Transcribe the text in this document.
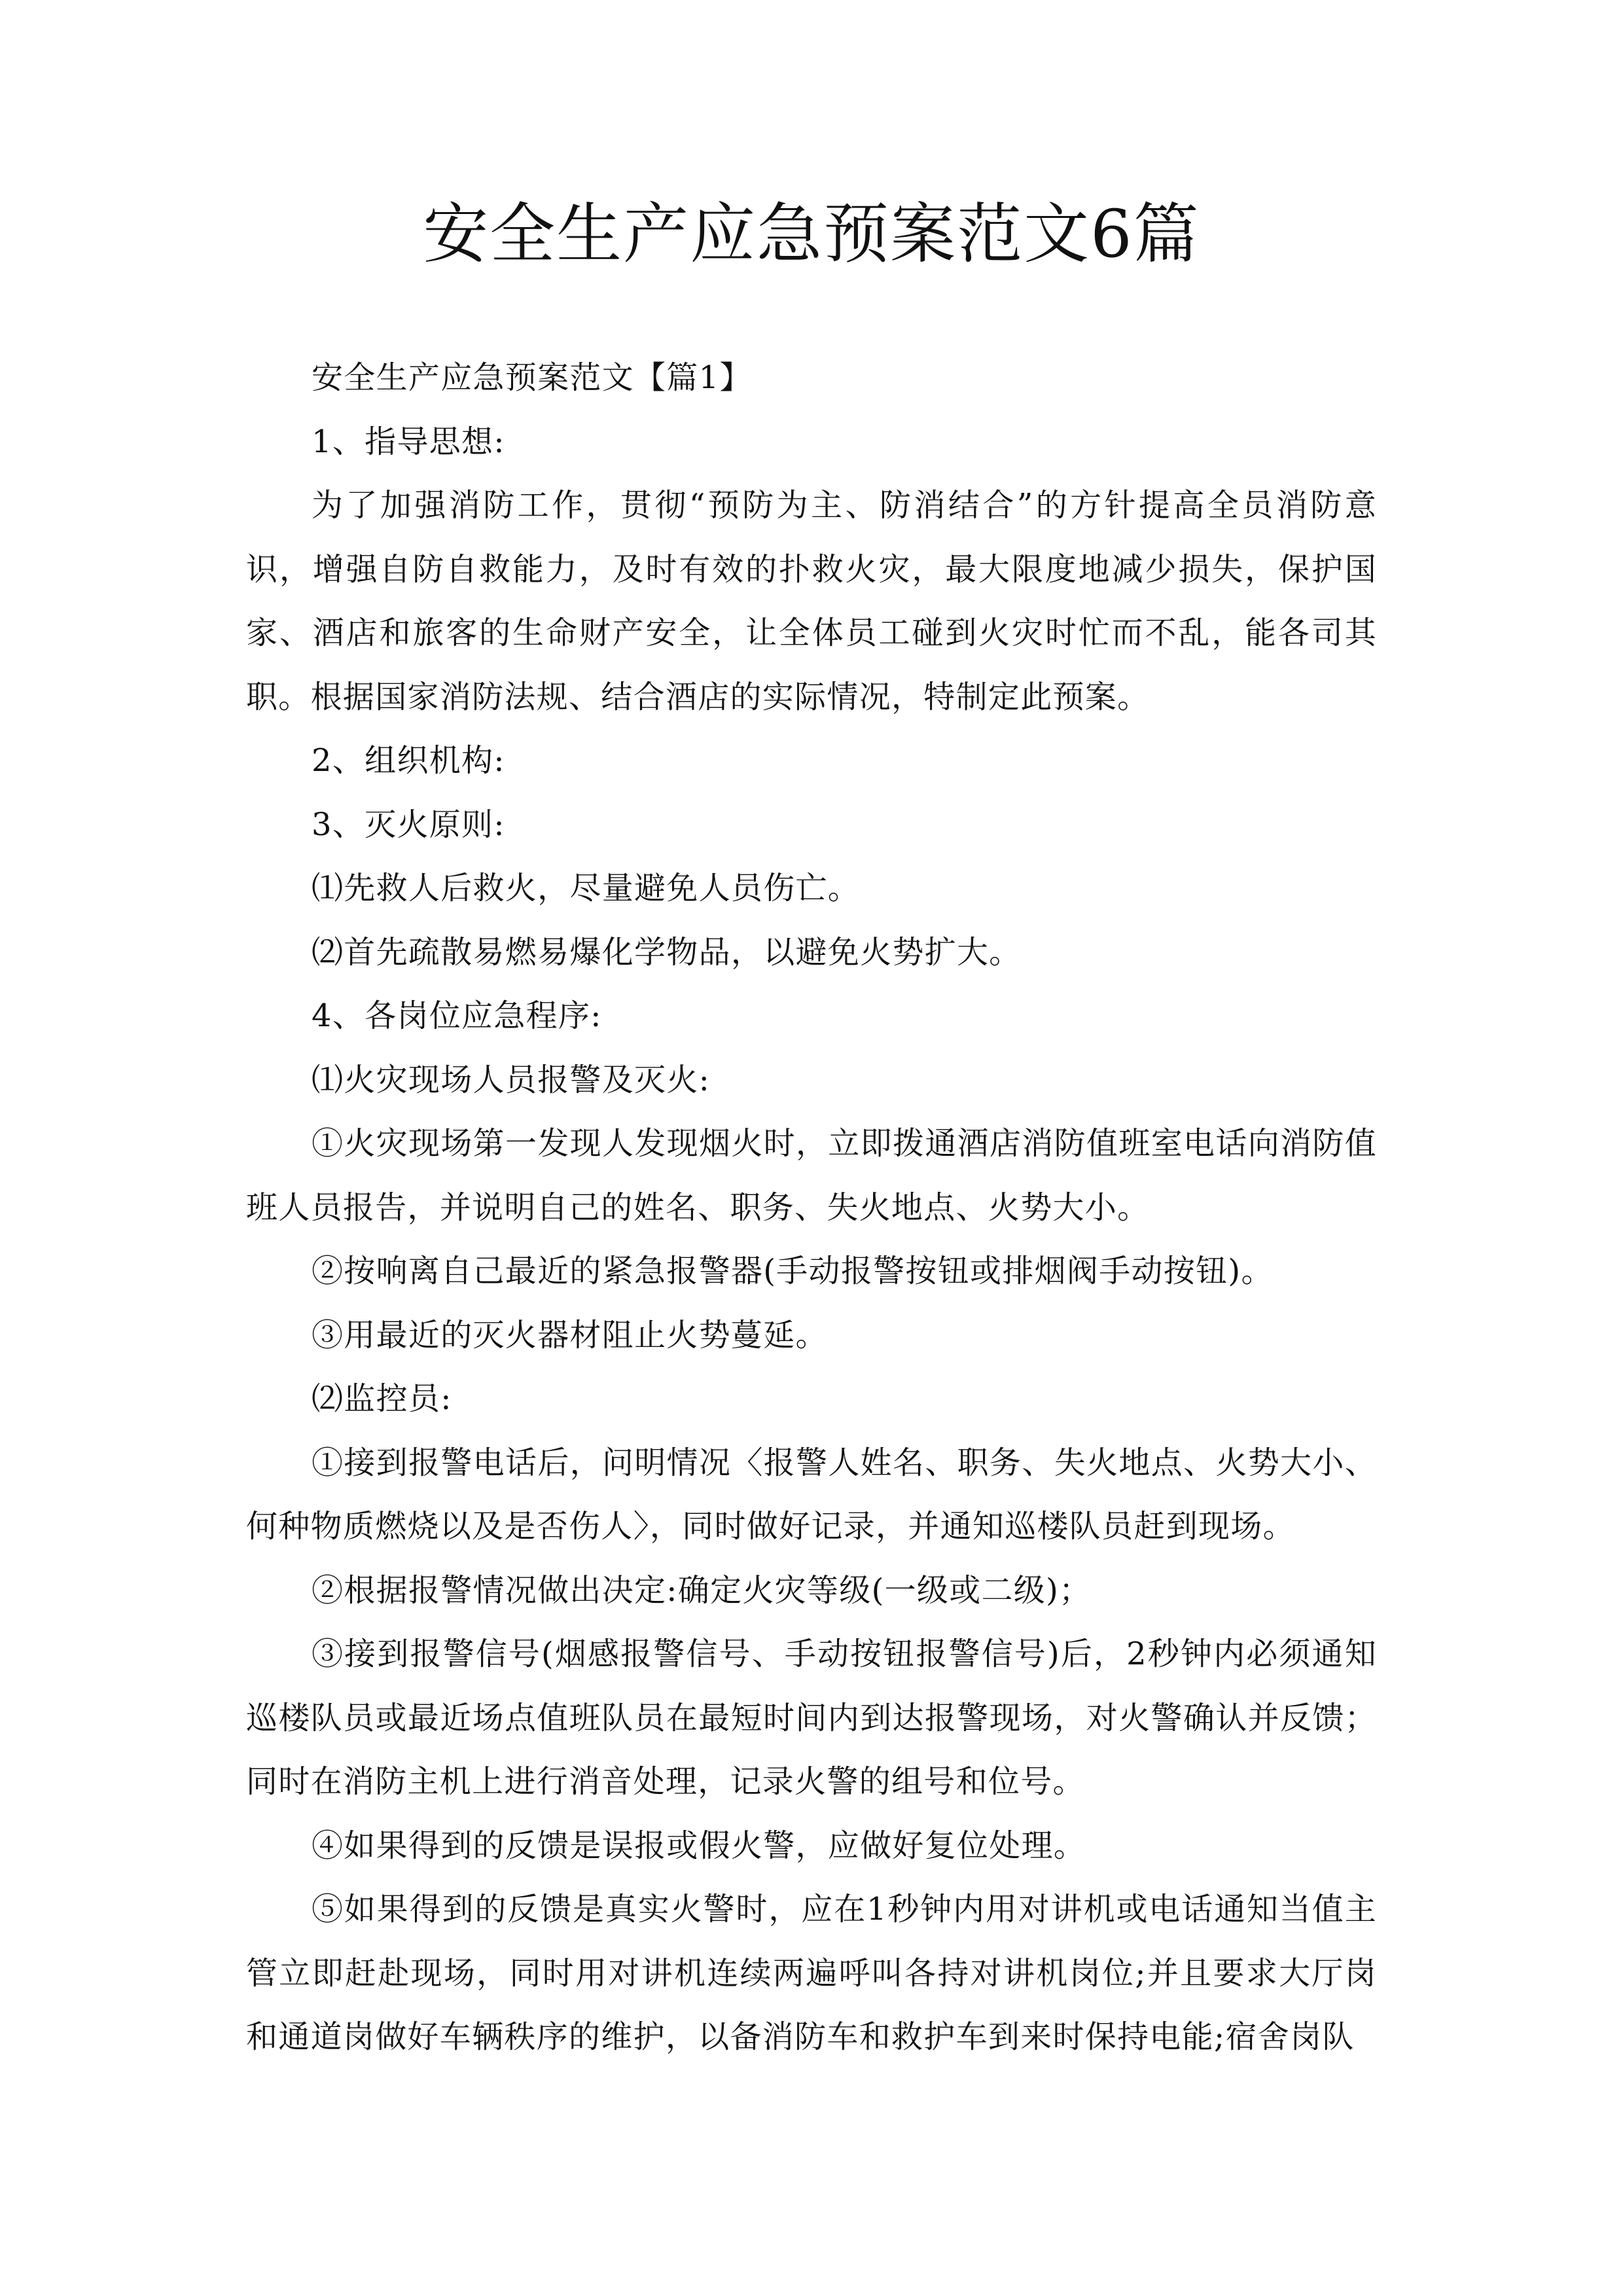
安全生产应急预案范文6篇

安全生产应急预案范文【篇1】

1、指导思想:

为了加强消防工作，贯彻“预防为主、防消结合”的方针提高全员消防意识，增强自防自救能力，及时有效的扑救火灾，最大限度地减少损失，保护国家、酒店和旅客的生命财产安全，让全体员工碰到火灾时忙而不乱，能各司其职。根据国家消防法规、结合酒店的实际情况，特制定此预案。

2、组织机构:

3、灭火原则:

⑴先救人后救火，尽量避免人员伤亡。

⑵首先疏散易燃易爆化学物品，以避免火势扩大。

4、各岗位应急程序:

⑴火灾现场人员报警及灭火:

①火灾现场第一发现人发现烟火时，立即拨通酒店消防值班室电话向消防值班人员报告，并说明自己的姓名、职务、失火地点、火势大小。

②按响离自己最近的紧急报警器(手动报警按钮或排烟阀手动按钮)。

③用最近的灭火器材阻止火势蔓延。

⑵监控员:

①接到报警电话后，问明情况〈报警人姓名、职务、失火地点、火势大小、何种物质燃烧以及是否伤人〉，同时做好记录，并通知巡楼队员赶到现场。

②根据报警情况做出决定:确定火灾等级(一级或二级)；

③接到报警信号(烟感报警信号、手动按钮报警信号)后，2秒钟内必须通知巡楼队员或最近场点值班队员在最短时间内到达报警现场，对火警确认并反馈；同时在消防主机上进行消音处理，记录火警的组号和位号。

④如果得到的反馈是误报或假火警，应做好复位处理。

⑤如果得到的反馈是真实火警时，应在1秒钟内用对讲机或电话通知当值主管立即赶赴现场，同时用对讲机连续两遍呼叫各持对讲机岗位;并且要求大厅岗和通道岗做好车辆秩序的维护，以备消防车和救护车到来时保持电能;宿舍岗队
